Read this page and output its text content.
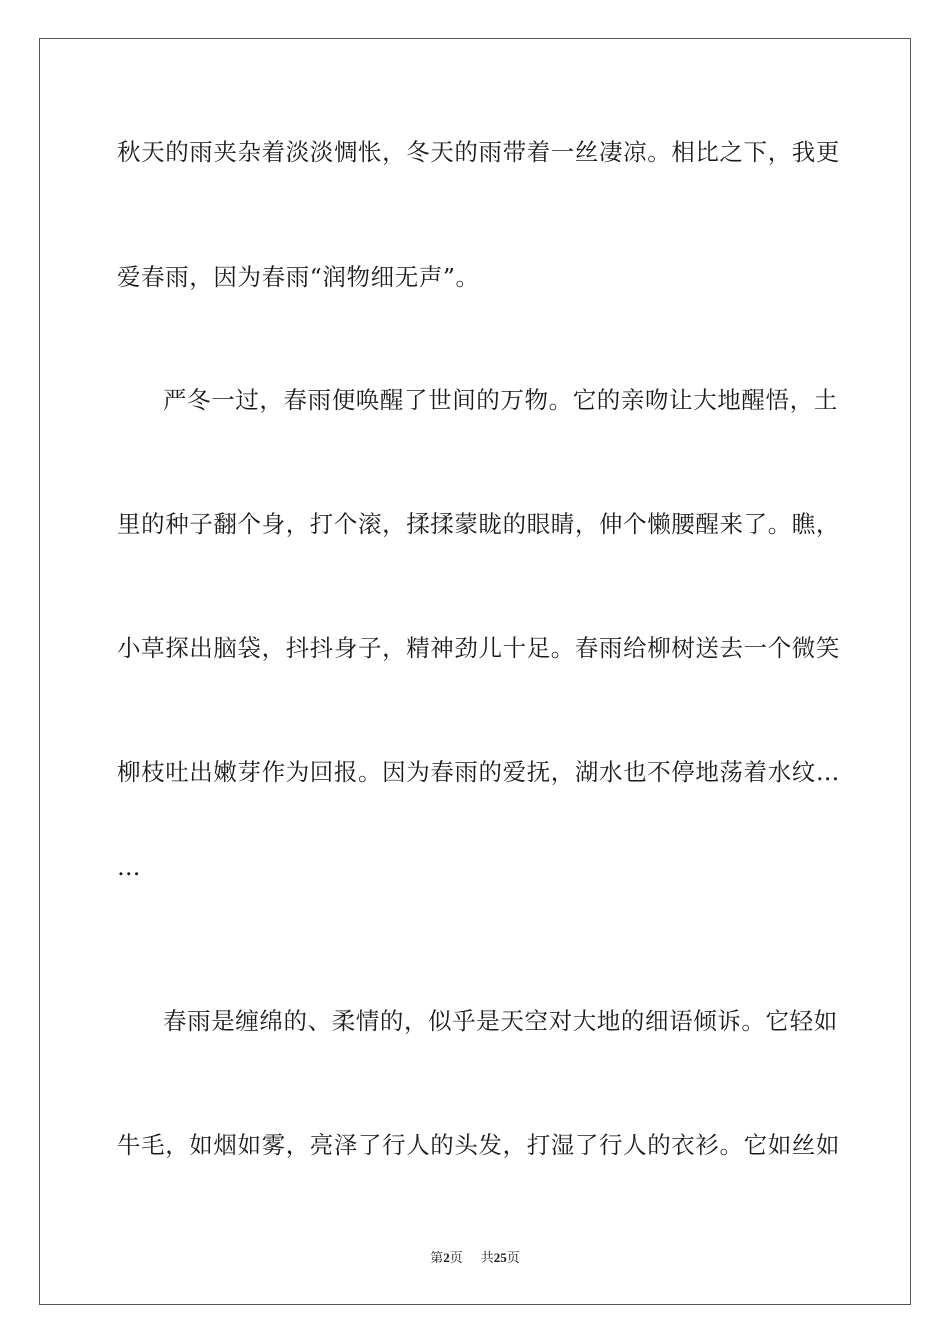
秋天的雨夹杂着淡淡惆怅，冬天的雨带着一丝凄凉。相比之下，我更
爱春雨，因为春雨“润物细无声”。
严冬一过，春雨便唤醒了世间的万物。它的亲吻让大地醒悟，土
里的种子翻个身，打个滚，揉揉蒙眬的眼睛，伸个懒腰醒来了。瞧，
小草探出脑袋，抖抖身子，精神劲儿十足。春雨给柳树送去一个微笑
柳枝吐出嫩芽作为回报。因为春雨的爱抚，湖水也不停地荡着水纹…
…
春雨是缠绵的、柔情的，似乎是天空对大地的细语倾诉。它轻如
牛毛，如烟如雾，亮泽了行人的头发，打湿了行人的衣衫。它如丝如
第2页 共25页
